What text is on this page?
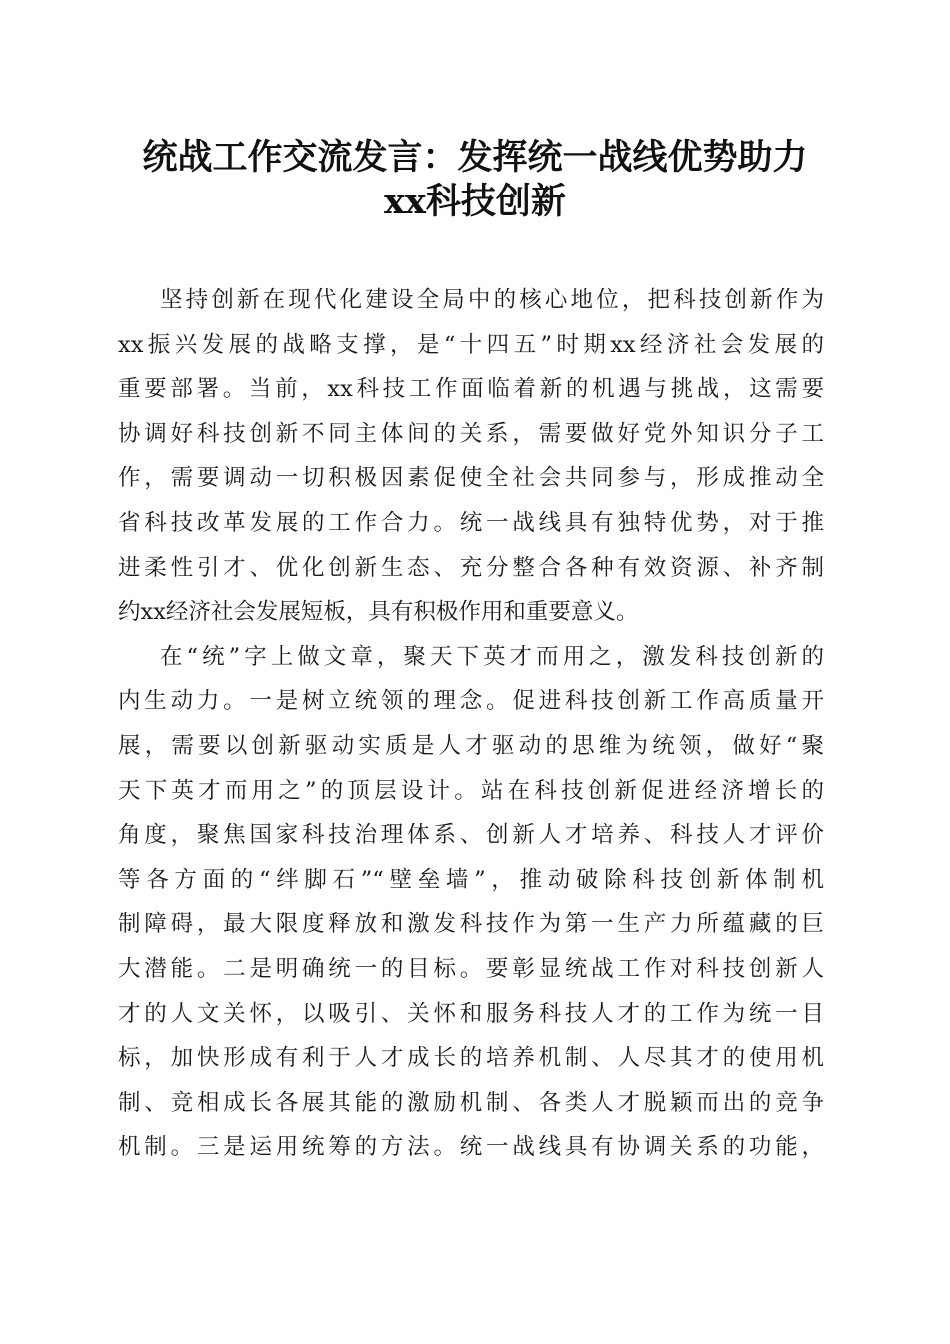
统战工作交流发言：发挥统一战线优势助力
xx科技创新
坚持创新在现代化建设全局中的核心地位，把科技创新作为
xx振兴发展的战略支撑，是“十四五”时期xx经济社会发展的
重要部署。当前，xx科技工作面临着新的机遇与挑战，这需要
协调好科技创新不同主体间的关系，需要做好党外知识分子工
作，需要调动一切积极因素促使全社会共同参与，形成推动全
省科技改革发展的工作合力。统一战线具有独特优势，对于推
进柔性引才、优化创新生态、充分整合各种有效资源、补齐制
约xx经济社会发展短板，具有积极作用和重要意义。
在“统”字上做文章，聚天下英才而用之，激发科技创新的
内生动力。一是树立统领的理念。促进科技创新工作高质量开
展，需要以创新驱动实质是人才驱动的思维为统领，做好“聚
天下英才而用之”的顶层设计。站在科技创新促进经济增长的
角度，聚焦国家科技治理体系、创新人才培养、科技人才评价
等各方面的“绊脚石”“壁垒墙”，推动破除科技创新体制机
制障碍，最大限度释放和激发科技作为第一生产力所蕴藏的巨
大潜能。二是明确统一的目标。要彰显统战工作对科技创新人
才的人文关怀，以吸引、关怀和服务科技人才的工作为统一目
标，加快形成有利于人才成长的培养机制、人尽其才的使用机
制、竞相成长各展其能的激励机制、各类人才脱颖而出的竞争
机制。三是运用统筹的方法。统一战线具有协调关系的功能，
